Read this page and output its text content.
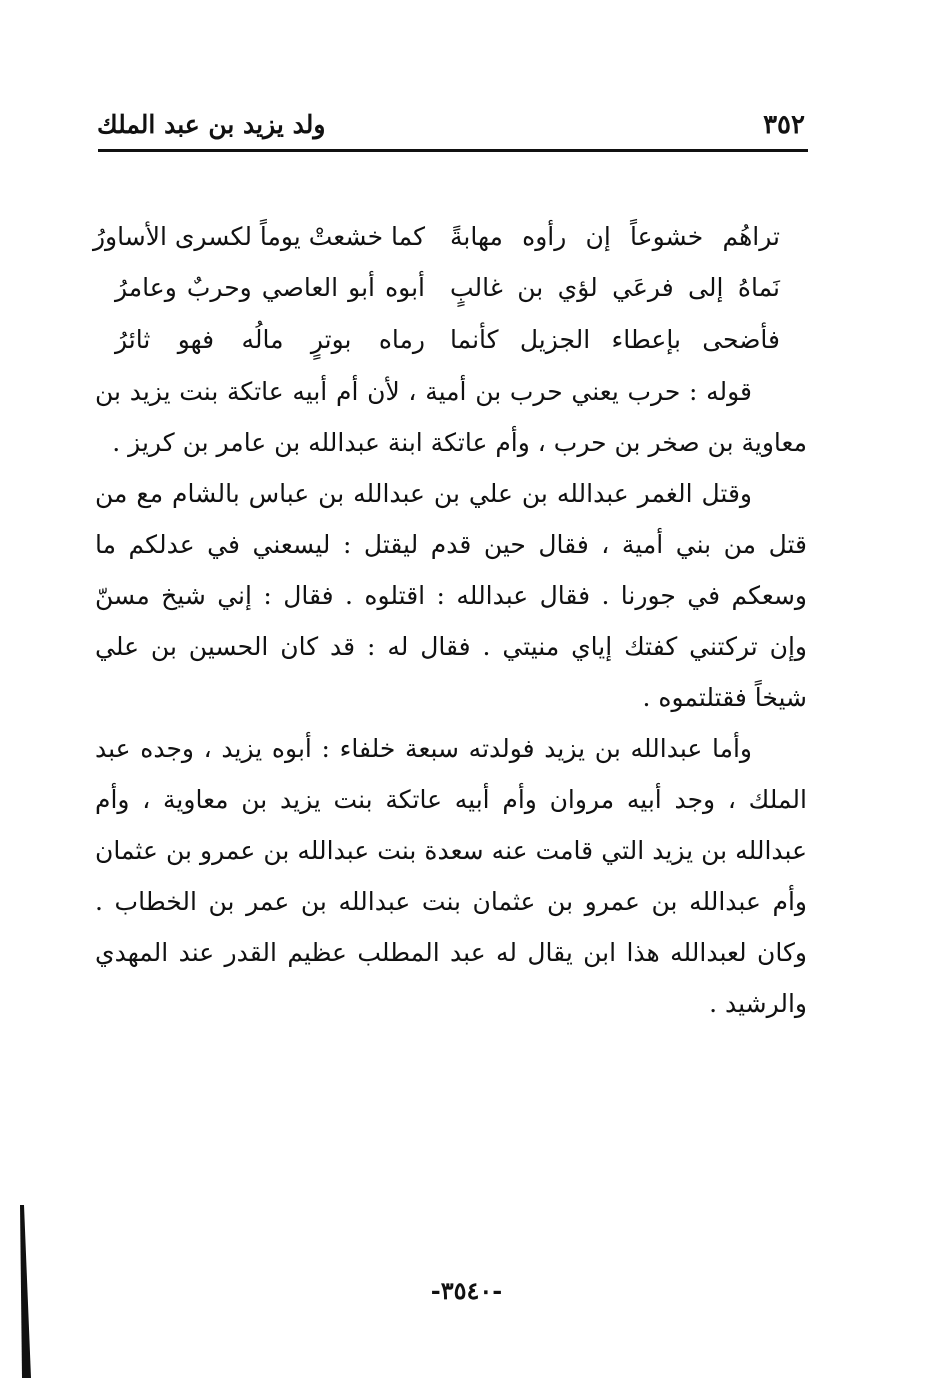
ولد يزيد بن عبد الملك	٣٥٢
تراهُم خشوعاً إن رأوه مهابةً
كما خشعتْ يوماً لكسرى الأساورُ
نَماهُ إلى فرعَي لؤي بن غالبٍ
أبوه أبو العاصي وحربٌ وعامرُ
فأضحى بإعطاء الجزيل كأنما
رماه بوترٍ مالُه فهو ثائرُ

قوله : حرب يعني حرب بن أمية ، لأن أم أبيه عاتكة بنت يزيد بن معاوية بن صخر بن حرب ، وأم عاتكة ابنة عبدالله بن عامر بن كريز .

وقتل الغمر عبدالله بن علي بن عبدالله بن عباس بالشام مع من قتل من بني أمية ، فقال حين قدم ليقتل : ليسعني في عدلكم ما وسعكم في جورنا . فقال عبدالله : اقتلوه . فقال : إني شيخ مسنّ وإن تركتني كفتك إياي منيتي . فقال له : قد كان الحسين بن علي شيخاً فقتلتموه .

وأما عبدالله بن يزيد فولدته سبعة خلفاء : أبوه يزيد ، وجده عبد الملك ، وجد أبيه مروان وأم أبيه عاتكة بنت يزيد بن معاوية ، وأم عبدالله بن يزيد التي قامت عنه سعدة بنت عبدالله بن عمرو بن عثمان وأم عبدالله بن عمرو بن عثمان بنت عبدالله بن عمر بن الخطاب . وكان لعبدالله هذا ابن يقال له عبد المطلب عظيم القدر عند المهدي والرشيد .

-٣٥٤٠-
